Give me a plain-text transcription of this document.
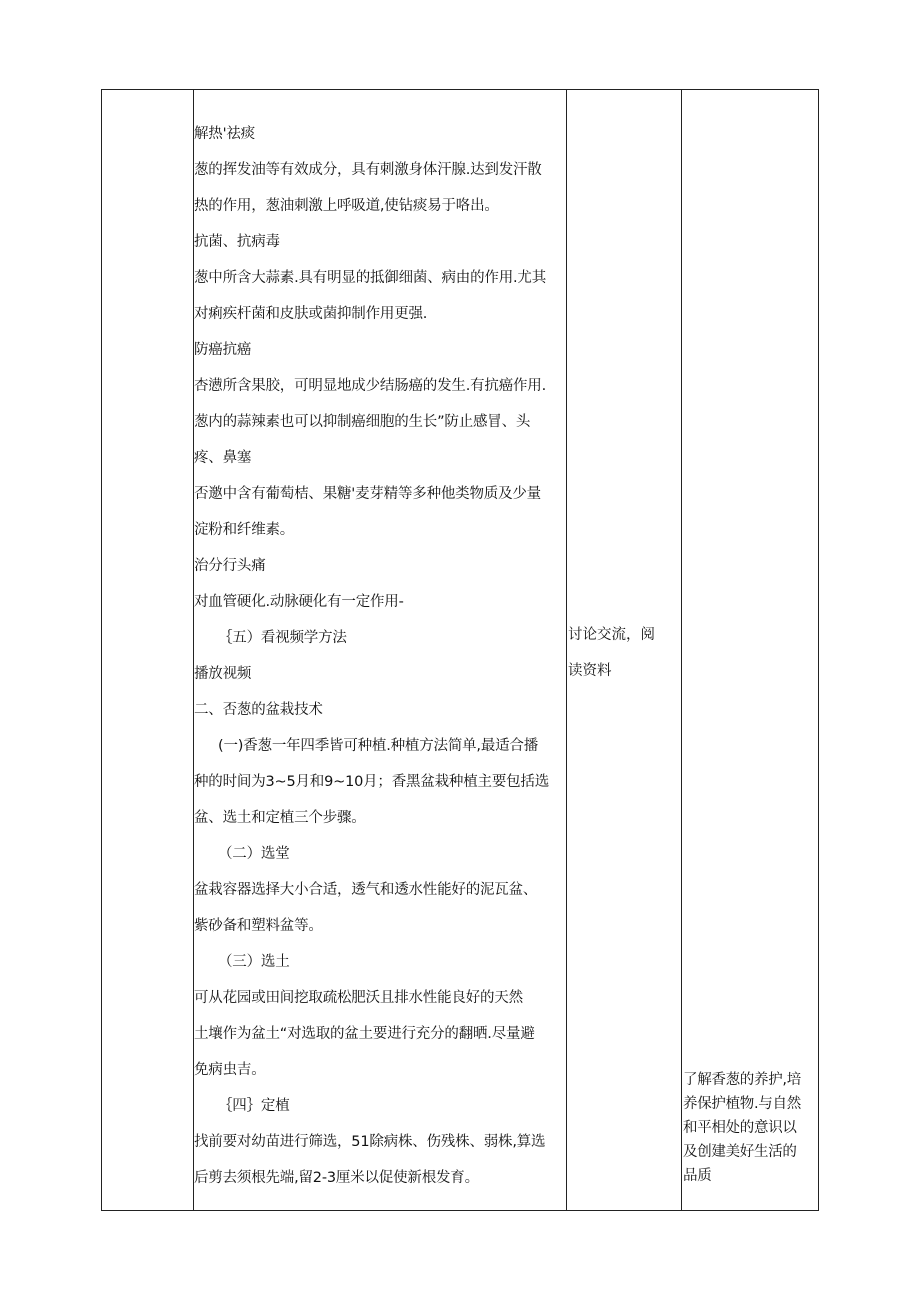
解热'祛痰
葱的挥发油等有效成分，具有刺激身体汗腺.达到发汗散
热的作用，葱油刺激上呼吸道,使钻痰易于咯出。
抗菌、抗病毒
葱中所含大蒜素.具有明显的抵御细菌、病由的作用.尤其
对痢疾杆菌和皮肤或菌抑制作用更强.
防癌抗癌
杏懑所含果胶，可明显地成少结肠癌的发生.有抗癌作用.
葱内的蒜辣素也可以抑制癌细胞的生长”防止感冒、头
疼、鼻塞
否邀中含有葡萄桔、果糖'麦芽精等多种他类物质及少量
淀粉和纤维素。
治分行头痛
对血管硬化.动脉硬化有一定作用-
｛五）看视频学方法
播放视频
二、否葱的盆栽技术
(一)香葱一年四季皆可种植.种植方法简单,最适合播
种的时间为3~5月和9~10月；香黑盆栽种植主要包括选
盆、选土和定植三个步骤。
（二）选堂
盆栽容器选择大小合适，透气和透水性能好的泥瓦盆、
紫砂备和塑料盆等。
（三）选土
可从花园或田间挖取疏松肥沃且排水性能良好的天然
土壤作为盆土“对选取的盆土要进行充分的翻晒.尽量避
免病虫吉。
｛四｝定植
找前要对幼苗进行筛选，51除病株、伤残株、弱株,算选
后剪去须根先端,留2-3厘米以促使新根发育。
讨论交流，阅
读资料
了解香葱的养护,培
养保护植物.与自然
和平相处的意识以
及创建美好生活的
品质
